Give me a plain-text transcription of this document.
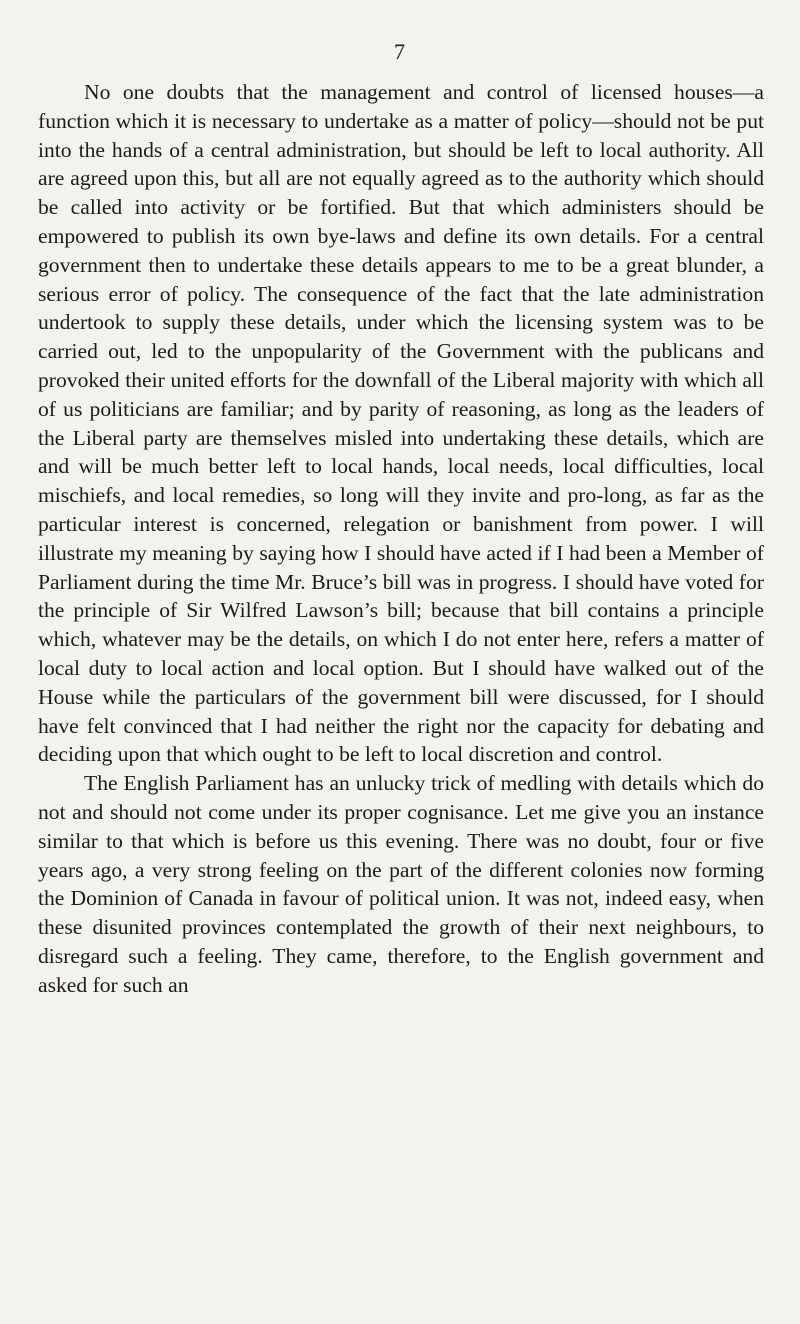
7

No one doubts that the management and control of licensed houses—a function which it is necessary to undertake as a matter of policy—should not be put into the hands of a central administration, but should be left to local authority. All are agreed upon this, but all are not equally agreed as to the authority which should be called into activity or be fortified. But that which administers should be empowered to publish its own bye-laws and define its own details. For a central government then to undertake these details appears to me to be a great blunder, a serious error of policy. The consequence of the fact that the late administration undertook to supply these details, under which the licensing system was to be carried out, led to the unpopularity of the Government with the publicans and provoked their united efforts for the downfall of the Liberal majority with which all of us politicians are familiar; and by parity of reasoning, as long as the leaders of the Liberal party are themselves misled into undertaking these details, which are and will be much better left to local hands, local needs, local difficulties, local mischiefs, and local remedies, so long will they invite and pro-long, as far as the particular interest is concerned, relegation or banishment from power. I will illustrate my meaning by saying how I should have acted if I had been a Member of Parliament during the time Mr. Bruce’s bill was in progress. I should have voted for the principle of Sir Wilfred Lawson’s bill; because that bill contains a principle which, whatever may be the details, on which I do not enter here, refers a matter of local duty to local action and local option. But I should have walked out of the House while the particulars of the government bill were discussed, for I should have felt convinced that I had neither the right nor the capacity for debating and deciding upon that which ought to be left to local discretion and control.

The English Parliament has an unlucky trick of medling with details which do not and should not come under its proper cognisance. Let me give you an instance similar to that which is before us this evening. There was no doubt, four or five years ago, a very strong feeling on the part of the different colonies now forming the Dominion of Canada in favour of political union. It was not, indeed easy, when these disunited provinces contemplated the growth of their next neighbours, to disregard such a feeling. They came, therefore, to the English government and asked for such an
